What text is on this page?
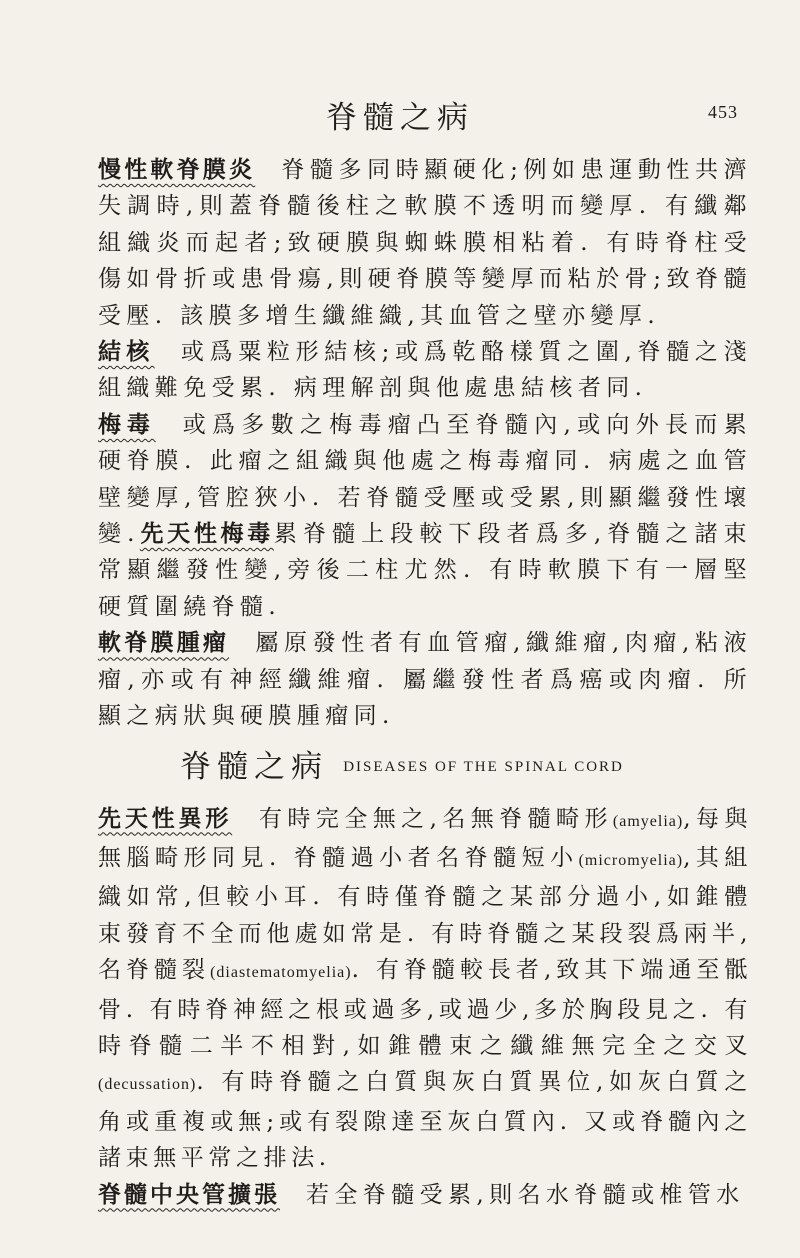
脊髓之病	453

慢性軟脊膜炎 脊髓多同時顯硬化;例如患運動性共濟失調時,則蓋脊髓後柱之軟膜不透明而變厚. 有纖鄰組織炎而起者;致硬膜與蜘蛛膜相粘着. 有時脊柱受傷如骨折或患骨瘍,則硬脊膜等變厚而粘於骨;致脊髓受壓. 該膜多增生纖維織,其血管之壁亦變厚.

結核 或爲粟粒形結核;或爲乾酪樣質之圍,脊髓之淺組織難免受累. 病理解剖與他處患結核者同.

梅毒 或爲多數之梅毒瘤凸至脊髓內,或向外長而累硬脊膜. 此瘤之組織與他處之梅毒瘤同. 病處之血管壁變厚,管腔狹小. 若脊髓受壓或受累,則顯繼發性壞變.先天性梅毒累脊髓上段較下段者爲多,脊髓之諸束常顯繼發性變,旁後二柱尤然. 有時軟膜下有一層堅硬質圍繞脊髓.

軟脊膜腫瘤 屬原發性者有血管瘤,纖維瘤,肉瘤,粘液瘤,亦或有神經纖維瘤. 屬繼發性者爲癌或肉瘤. 所顯之病狀與硬膜腫瘤同.

脊髓之病 DISEASES OF THE SPINAL CORD

先天性異形 有時完全無之,名無脊髓畸形(amyelia),每與無腦畸形同見. 脊髓過小者名脊髓短小(micromyelia),其組織如常,但較小耳. 有時僅脊髓之某部分過小,如錐體束發育不全而他處如常是. 有時脊髓之某段裂爲兩半,名脊髓裂(diastematomyelia). 有脊髓較長者,致其下端通至骶骨. 有時脊神經之根或過多,或過少,多於胸段見之. 有時脊髓二半不相對,如錐體束之纖維無完全之交叉(decussation). 有時脊髓之白質與灰白質異位,如灰白質之角或重複或無;或有裂隙達至灰白質內. 又或脊髓內之諸束無平常之排法.

脊髓中央管擴張 若全脊髓受累,則名水脊髓或椎管水
